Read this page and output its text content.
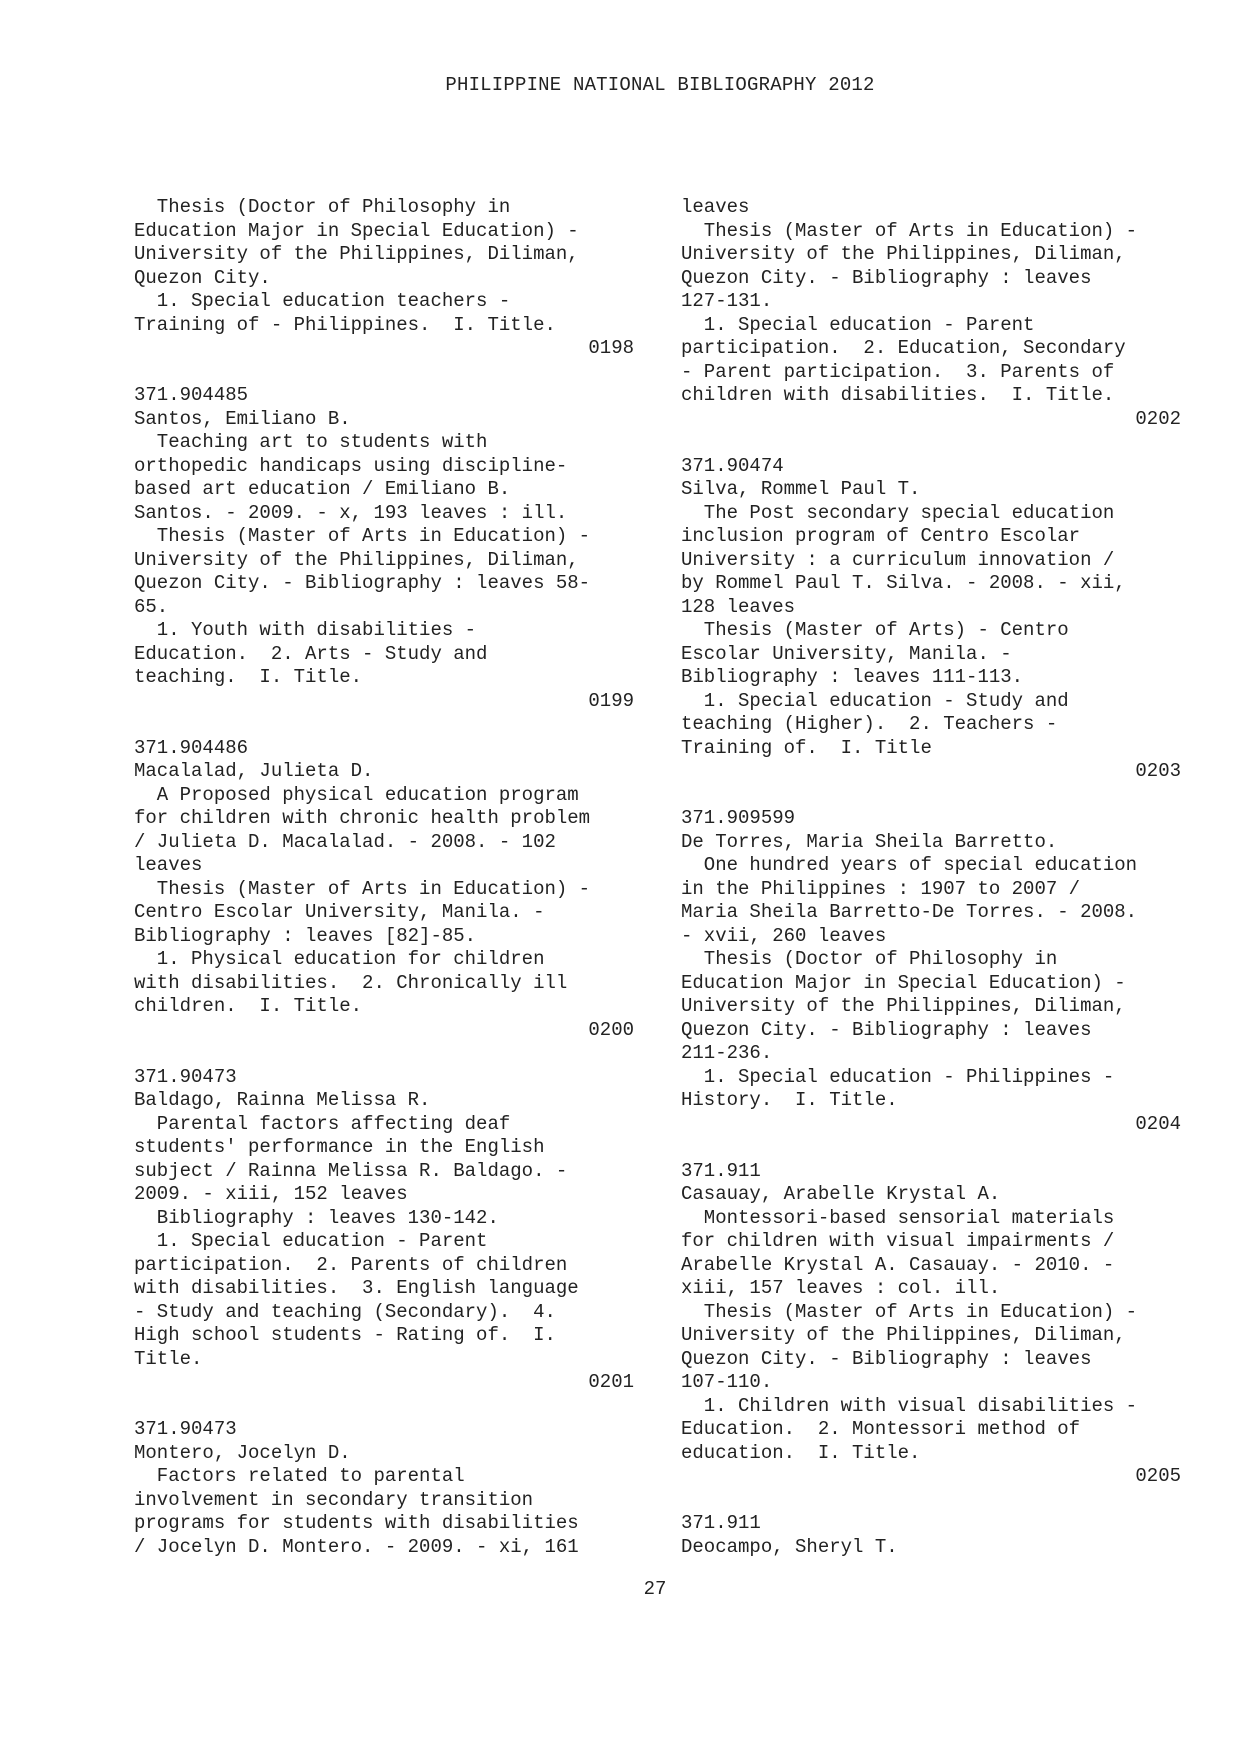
PHILIPPINE NATIONAL BIBLIOGRAPHY 2012
Thesis (Doctor of Philosophy in
Education Major in Special Education) -
University of the Philippines, Diliman,
Quezon City.
1. Special education teachers -
Training of - Philippines.  I. Title.
0198
371.904485
Santos, Emiliano B.
Teaching art to students with
orthopedic handicaps using discipline-
based art education / Emiliano B.
Santos. - 2009. - x, 193 leaves : ill.
Thesis (Master of Arts in Education) -
University of the Philippines, Diliman,
Quezon City. - Bibliography : leaves 58-
65.
1. Youth with disabilities -
Education.  2. Arts - Study and
teaching.  I. Title.
0199
371.904486
Macalalad, Julieta D.
A Proposed physical education program
for children with chronic health problem
/ Julieta D. Macalalad. - 2008. - 102
leaves
Thesis (Master of Arts in Education) -
Centro Escolar University, Manila. -
Bibliography : leaves [82]-85.
1. Physical education for children
with disabilities.  2. Chronically ill
children.  I. Title.
0200
371.90473
Baldago, Rainna Melissa R.
Parental factors affecting deaf
students' performance in the English
subject / Rainna Melissa R. Baldago. -
2009. - xiii, 152 leaves
Bibliography : leaves 130-142.
1. Special education - Parent
participation.  2. Parents of children
with disabilities.  3. English language
- Study and teaching (Secondary).  4.
High school students - Rating of.  I.
Title.
0201
371.90473
Montero, Jocelyn D.
Factors related to parental
involvement in secondary transition
programs for students with disabilities
/ Jocelyn D. Montero. - 2009. - xi, 161
leaves
Thesis (Master of Arts in Education) -
University of the Philippines, Diliman,
Quezon City. - Bibliography : leaves
127-131.
1. Special education - Parent
participation.  2. Education, Secondary
- Parent participation.  3. Parents of
children with disabilities.  I. Title.
0202
371.90474
Silva, Rommel Paul T.
The Post secondary special education
inclusion program of Centro Escolar
University : a curriculum innovation /
by Rommel Paul T. Silva. - 2008. - xii,
128 leaves
Thesis (Master of Arts) - Centro
Escolar University, Manila. -
Bibliography : leaves 111-113.
1. Special education - Study and
teaching (Higher).  2. Teachers -
Training of.  I. Title
0203
371.909599
De Torres, Maria Sheila Barretto.
One hundred years of special education
in the Philippines : 1907 to 2007 /
Maria Sheila Barretto-De Torres. - 2008.
- xvii, 260 leaves
Thesis (Doctor of Philosophy in
Education Major in Special Education) -
University of the Philippines, Diliman,
Quezon City. - Bibliography : leaves
211-236.
1. Special education - Philippines -
History.  I. Title.
0204
371.911
Casauay, Arabelle Krystal A.
Montessori-based sensorial materials
for children with visual impairments /
Arabelle Krystal A. Casauay. - 2010. -
xiii, 157 leaves : col. ill.
Thesis (Master of Arts in Education) -
University of the Philippines, Diliman,
Quezon City. - Bibliography : leaves
107-110.
1. Children with visual disabilities -
Education.  2. Montessori method of
education.  I. Title.
0205
371.911
Deocampo, Sheryl T.
27
